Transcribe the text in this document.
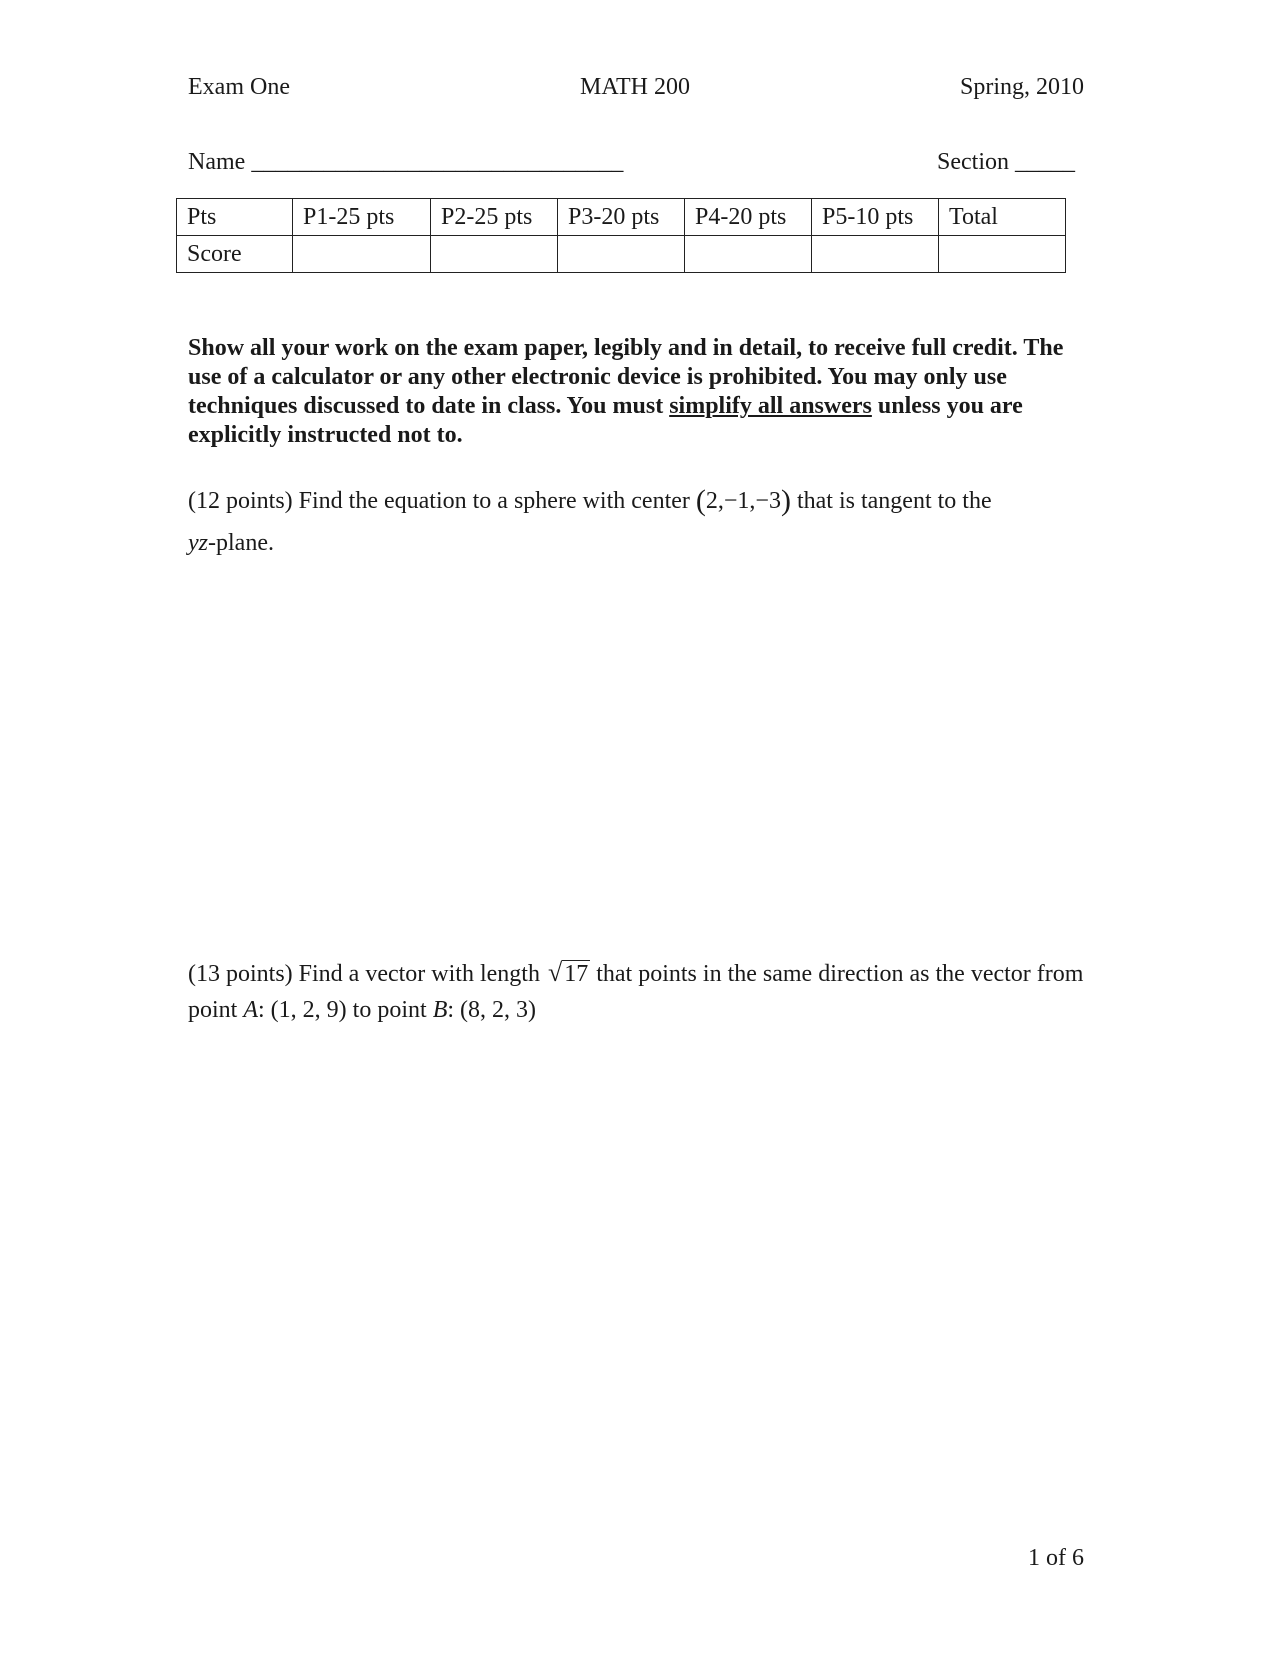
Exam One	MATH 200	Spring, 2010
Name _______________________________	Section _____
Pts	P1-25 pts	P2-25 pts	P3-20 pts	P4-20 pts	P5-10 pts	Total
Score						
Show all your work on the exam paper, legibly and in detail, to receive full credit. The use of a calculator or any other electronic device is prohibited. You may only use techniques discussed to date in class. You must simplify all answers unless you are explicitly instructed not to.
(12 points) Find the equation to a sphere with center (2,−1,−3) that is tangent to the
yz-plane.
(13 points) Find a vector with length √17 that points in the same direction as the vector from point A: (1, 2, 9) to point B: (8, 2, 3)
1 of 6
